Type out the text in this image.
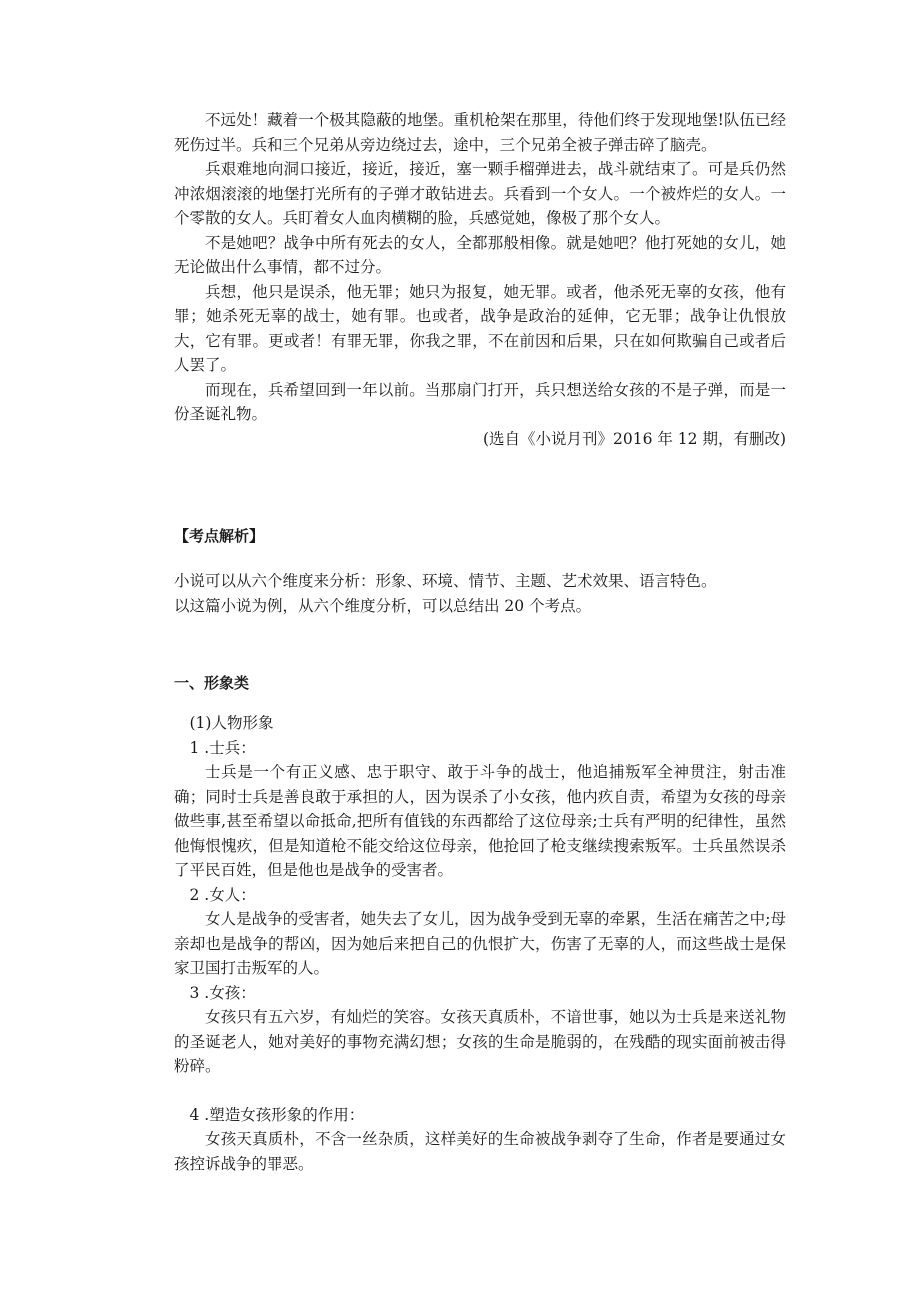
不远处！藏着一个极其隐蔽的地堡。重机枪架在那里，待他们终于发现地堡!队伍已经死伤过半。兵和三个兄弟从旁边绕过去，途中，三个兄弟全被子弹击碎了脑壳。

兵艰难地向洞口接近，接近，接近，塞一颗手榴弹进去，战斗就结束了。可是兵仍然冲浓烟滚滚的地堡打光所有的子弹才敢钻进去。兵看到一个女人。一个被炸烂的女人。一个零散的女人。兵盯着女人血肉横糊的脸，兵感觉她，像极了那个女人。

不是她吧？战争中所有死去的女人，全都那般相像。就是她吧？他打死她的女儿，她无论做出什么事情，都不过分。

兵想，他只是误杀，他无罪；她只为报复，她无罪。或者，他杀死无辜的女孩，他有罪；她杀死无辜的战士，她有罪。也或者，战争是政治的延伸，它无罪；战争让仇恨放大，它有罪。更或者！有罪无罪，你我之罪，不在前因和后果，只在如何欺骗自己或者后人罢了。

而现在，兵希望回到一年以前。当那扇门打开，兵只想送给女孩的不是子弹，而是一份圣诞礼物。

(选自《小说月刊》2016 年 12 期，有删改)

【考点解析】

小说可以从六个维度来分析：形象、环境、情节、主题、艺术效果、语言特色。

以这篇小说为例，从六个维度分析，可以总结出 20 个考点。

一、形象类

(1)人物形象

1 .士兵：

士兵是一个有正义感、忠于职守、敢于斗争的战士，他追捕叛军全神贯注，射击准确；同时士兵是善良敢于承担的人，因为误杀了小女孩，他内疚自责，希望为女孩的母亲做些事,甚至希望以命抵命,把所有值钱的东西都给了这位母亲;士兵有严明的纪律性，虽然他悔恨愧疚，但是知道枪不能交给这位母亲，他抢回了枪支继续搜索叛军。士兵虽然误杀了平民百姓，但是他也是战争的受害者。

2 .女人：

女人是战争的受害者，她失去了女儿，因为战争受到无辜的牵累，生活在痛苦之中;母亲却也是战争的帮凶，因为她后来把自己的仇恨扩大，伤害了无辜的人，而这些战士是保家卫国打击叛军的人。

3 .女孩：

女孩只有五六岁，有灿烂的笑容。女孩天真质朴，不谙世事，她以为士兵是来送礼物的圣诞老人，她对美好的事物充满幻想；女孩的生命是脆弱的，在残酷的现实面前被击得粉碎。

4 .塑造女孩形象的作用：

女孩天真质朴，不含一丝杂质，这样美好的生命被战争剥夺了生命，作者是要通过女孩控诉战争的罪恶。
